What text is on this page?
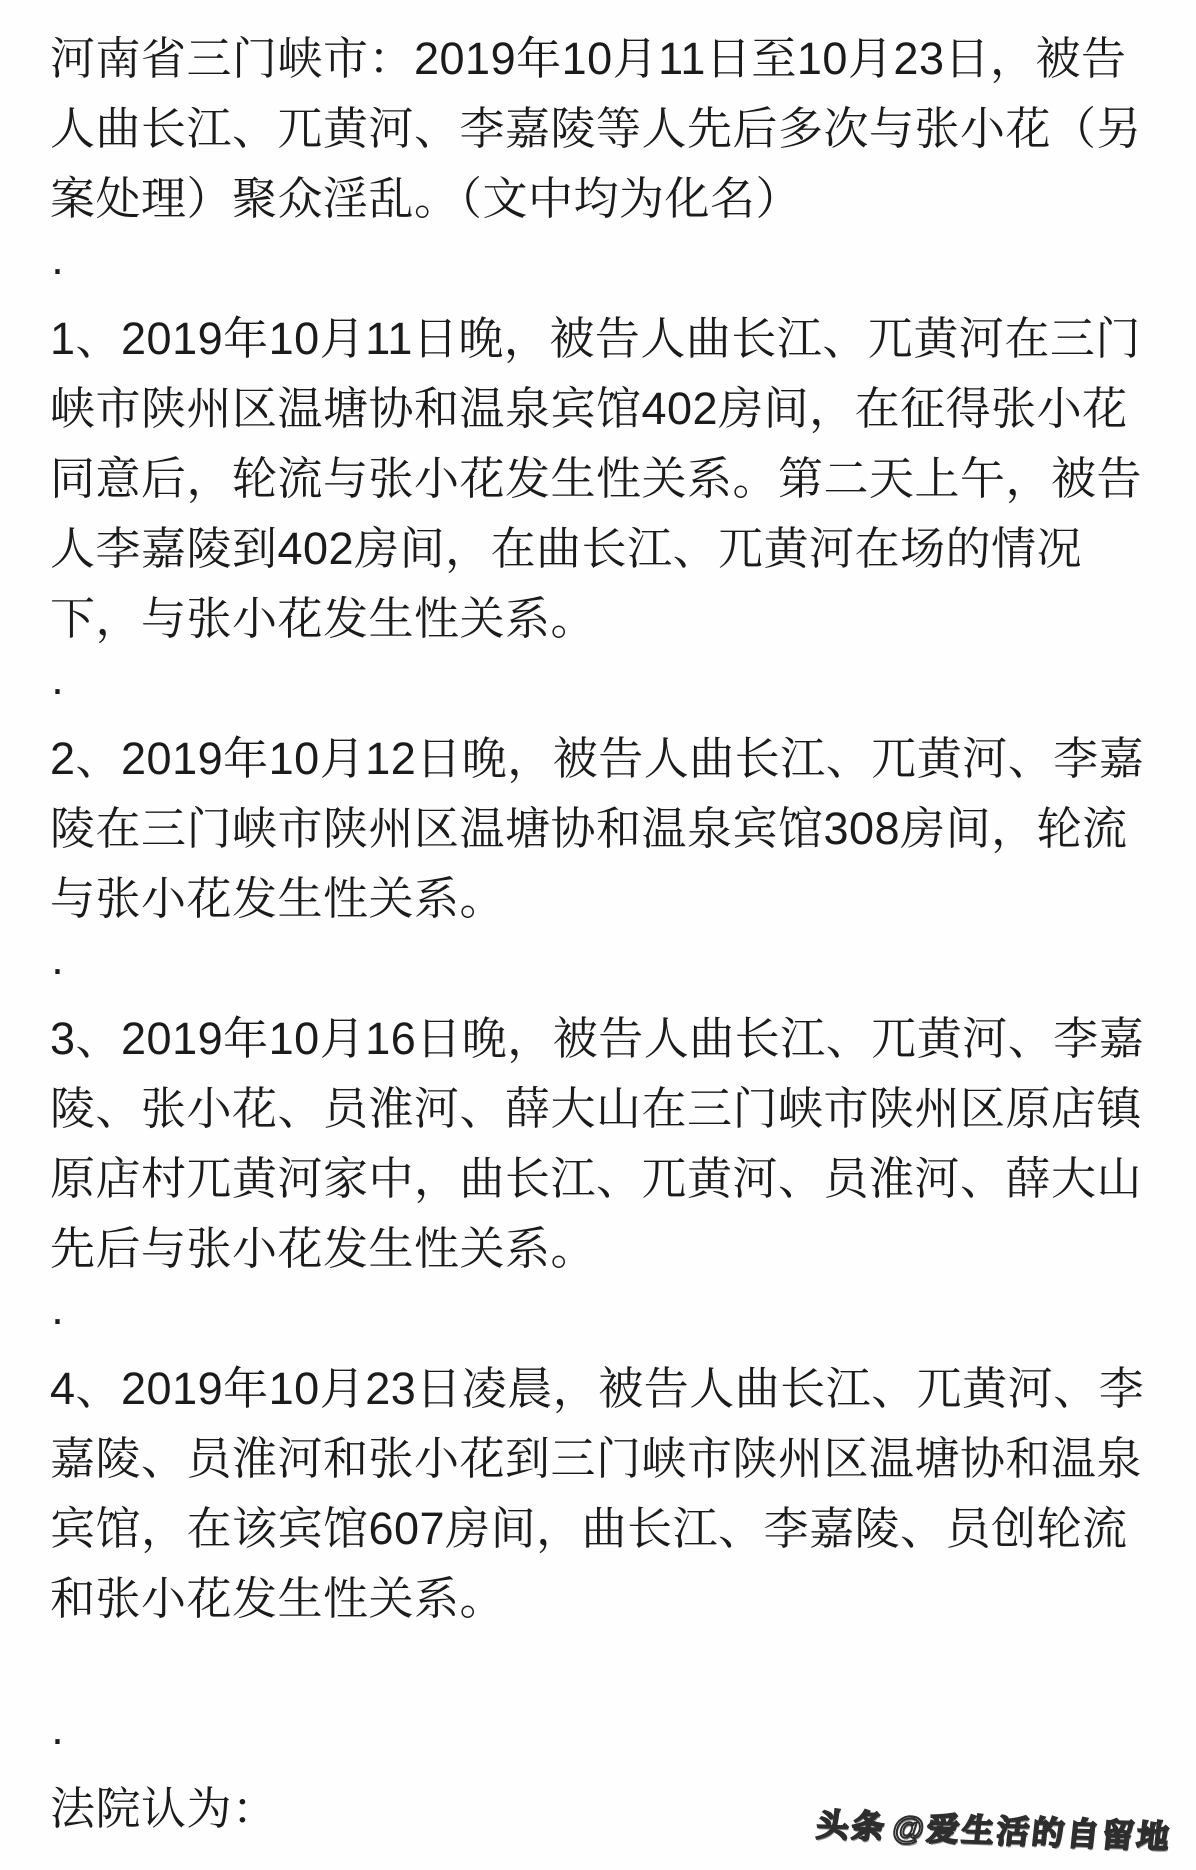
河南省三门峡市：2019年10月11日至10月23日，被告
人曲长江、兀黄河、李嘉陵等人先后多次与张小花（另
案处理）聚众淫乱。（文中均为化名）
·
1、2019年10月11日晚，被告人曲长江、兀黄河在三门
峡市陕州区温塘协和温泉宾馆402房间，在征得张小花
同意后，轮流与张小花发生性关系。第二天上午，被告
人李嘉陵到402房间，在曲长江、兀黄河在场的情况
下，与张小花发生性关系。
·
2、2019年10月12日晚，被告人曲长江、兀黄河、李嘉
陵在三门峡市陕州区温塘协和温泉宾馆308房间，轮流
与张小花发生性关系。
·
3、2019年10月16日晚，被告人曲长江、兀黄河、李嘉
陵、张小花、员淮河、薛大山在三门峡市陕州区原店镇
原店村兀黄河家中，曲长江、兀黄河、员淮河、薛大山
先后与张小花发生性关系。
·
4、2019年10月23日凌晨，被告人曲长江、兀黄河、李
嘉陵、员淮河和张小花到三门峡市陕州区温塘协和温泉
宾馆，在该宾馆607房间，曲长江、李嘉陵、员创轮流
和张小花发生性关系。
·
法院认为：	头条@爱生活的自留地
